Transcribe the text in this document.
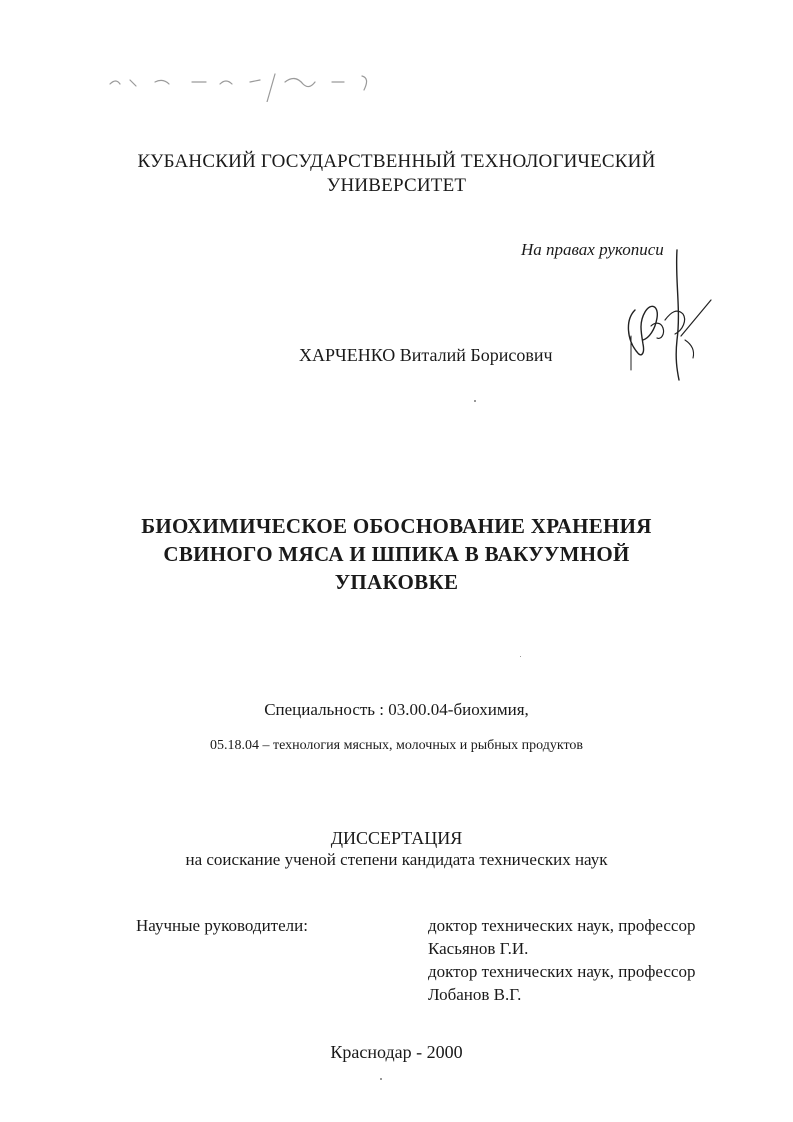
КУБАНСКИЙ ГОСУДАРСТВЕННЫЙ ТЕХНОЛОГИЧЕСКИЙ
УНИВЕРСИТЕТ
На правах рукописи
ХАРЧЕНКО Виталий Борисович
БИОХИМИЧЕСКОЕ ОБОСНОВАНИЕ ХРАНЕНИЯ
СВИНОГО МЯСА И ШПИКА В ВАКУУМНОЙ
УПАКОВКЕ
Специальность : 03.00.04-биохимия,
05.18.04 – технология мясных, молочных и рыбных продуктов
ДИССЕРТАЦИЯ
на соискание ученой степени кандидата технических наук
Научные руководители:	доктор технических наук, профессор
Касьянов Г.И.
доктор технических наук, профессор
Лобанов В.Г.
Краснодар - 2000
